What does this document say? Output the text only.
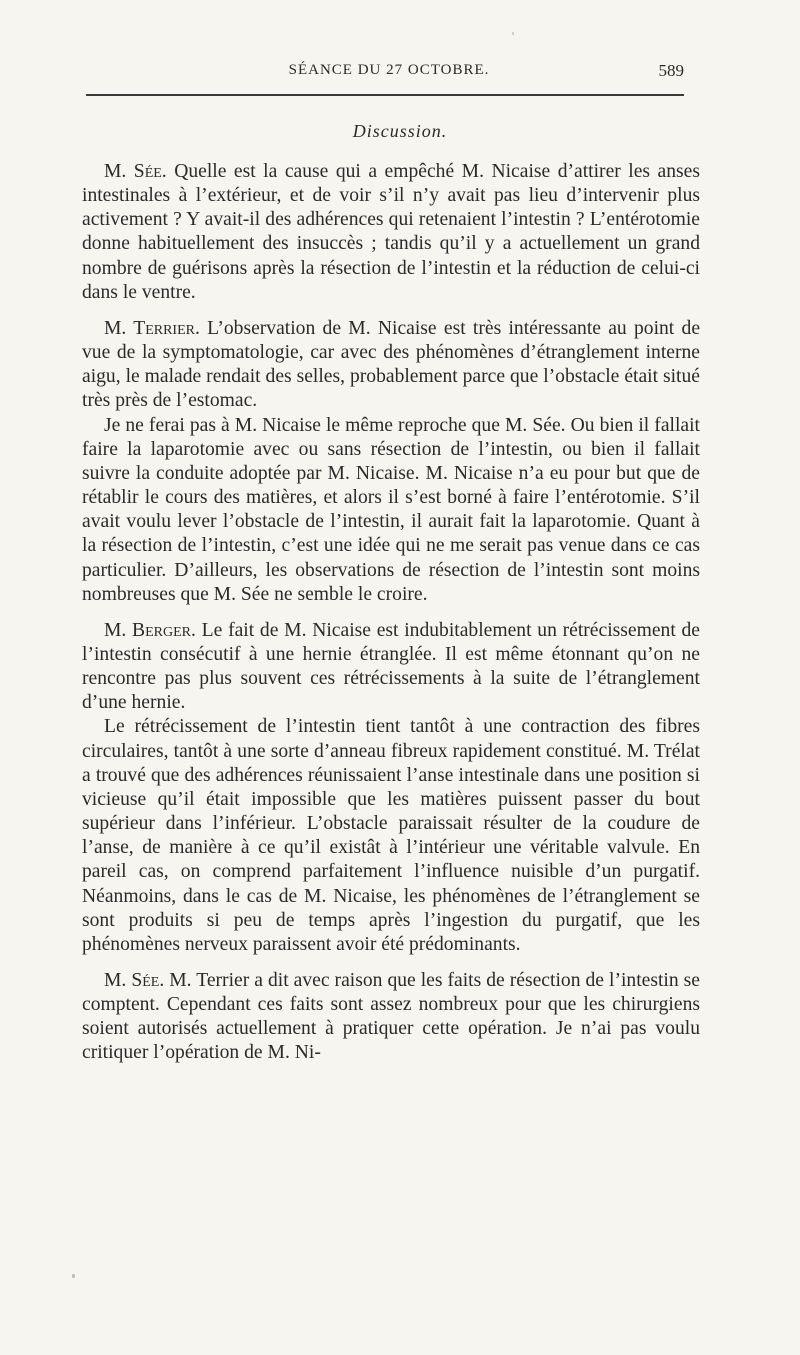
SÉANCE DU 27 OCTOBRE.	589
Discussion.

M. Sée. Quelle est la cause qui a empêché M. Nicaise d’attirer les anses intestinales à l’extérieur, et de voir s’il n’y avait pas lieu d’intervenir plus activement ? Y avait-il des adhérences qui retenaient l’intestin ? L’entérotomie donne habituellement des insuccès ; tandis qu’il y a actuellement un grand nombre de guérisons après la résection de l’intestin et la réduction de celui-ci dans le ventre.

M. Terrier. L’observation de M. Nicaise est très intéressante au point de vue de la symptomatologie, car avec des phénomènes d’étranglement interne aigu, le malade rendait des selles, probablement parce que l’obstacle était situé très près de l’estomac.

Je ne ferai pas à M. Nicaise le même reproche que M. Sée. Ou bien il fallait faire la laparotomie avec ou sans résection de l’intestin, ou bien il fallait suivre la conduite adoptée par M. Nicaise. M. Nicaise n’a eu pour but que de rétablir le cours des matières, et alors il s’est borné à faire l’entérotomie. S’il avait voulu lever l’obstacle de l’intestin, il aurait fait la laparotomie. Quant à la résection de l’intestin, c’est une idée qui ne me serait pas venue dans ce cas particulier. D’ailleurs, les observations de résection de l’intestin sont moins nombreuses que M. Sée ne semble le croire.

M. Berger. Le fait de M. Nicaise est indubitablement un rétrécissement de l’intestin consécutif à une hernie étranglée. Il est même étonnant qu’on ne rencontre pas plus souvent ces rétrécissements à la suite de l’étranglement d’une hernie.

Le rétrécissement de l’intestin tient tantôt à une contraction des fibres circulaires, tantôt à une sorte d’anneau fibreux rapidement constitué. M. Trélat a trouvé que des adhérences réunissaient l’anse intestinale dans une position si vicieuse qu’il était impossible que les matières puissent passer du bout supérieur dans l’inférieur. L’obstacle paraissait résulter de la coudure de l’anse, de manière à ce qu’il existât à l’intérieur une véritable valvule. En pareil cas, on comprend parfaitement l’influence nuisible d’un purgatif. Néanmoins, dans le cas de M. Nicaise, les phénomènes de l’étranglement se sont produits si peu de temps après l’ingestion du purgatif, que les phénomènes nerveux paraissent avoir été prédominants.

M. Sée. M. Terrier a dit avec raison que les faits de résection de l’intestin se comptent. Cependant ces faits sont assez nombreux pour que les chirurgiens soient autorisés actuellement à pratiquer cette opération. Je n’ai pas voulu critiquer l’opération de M. Ni-
